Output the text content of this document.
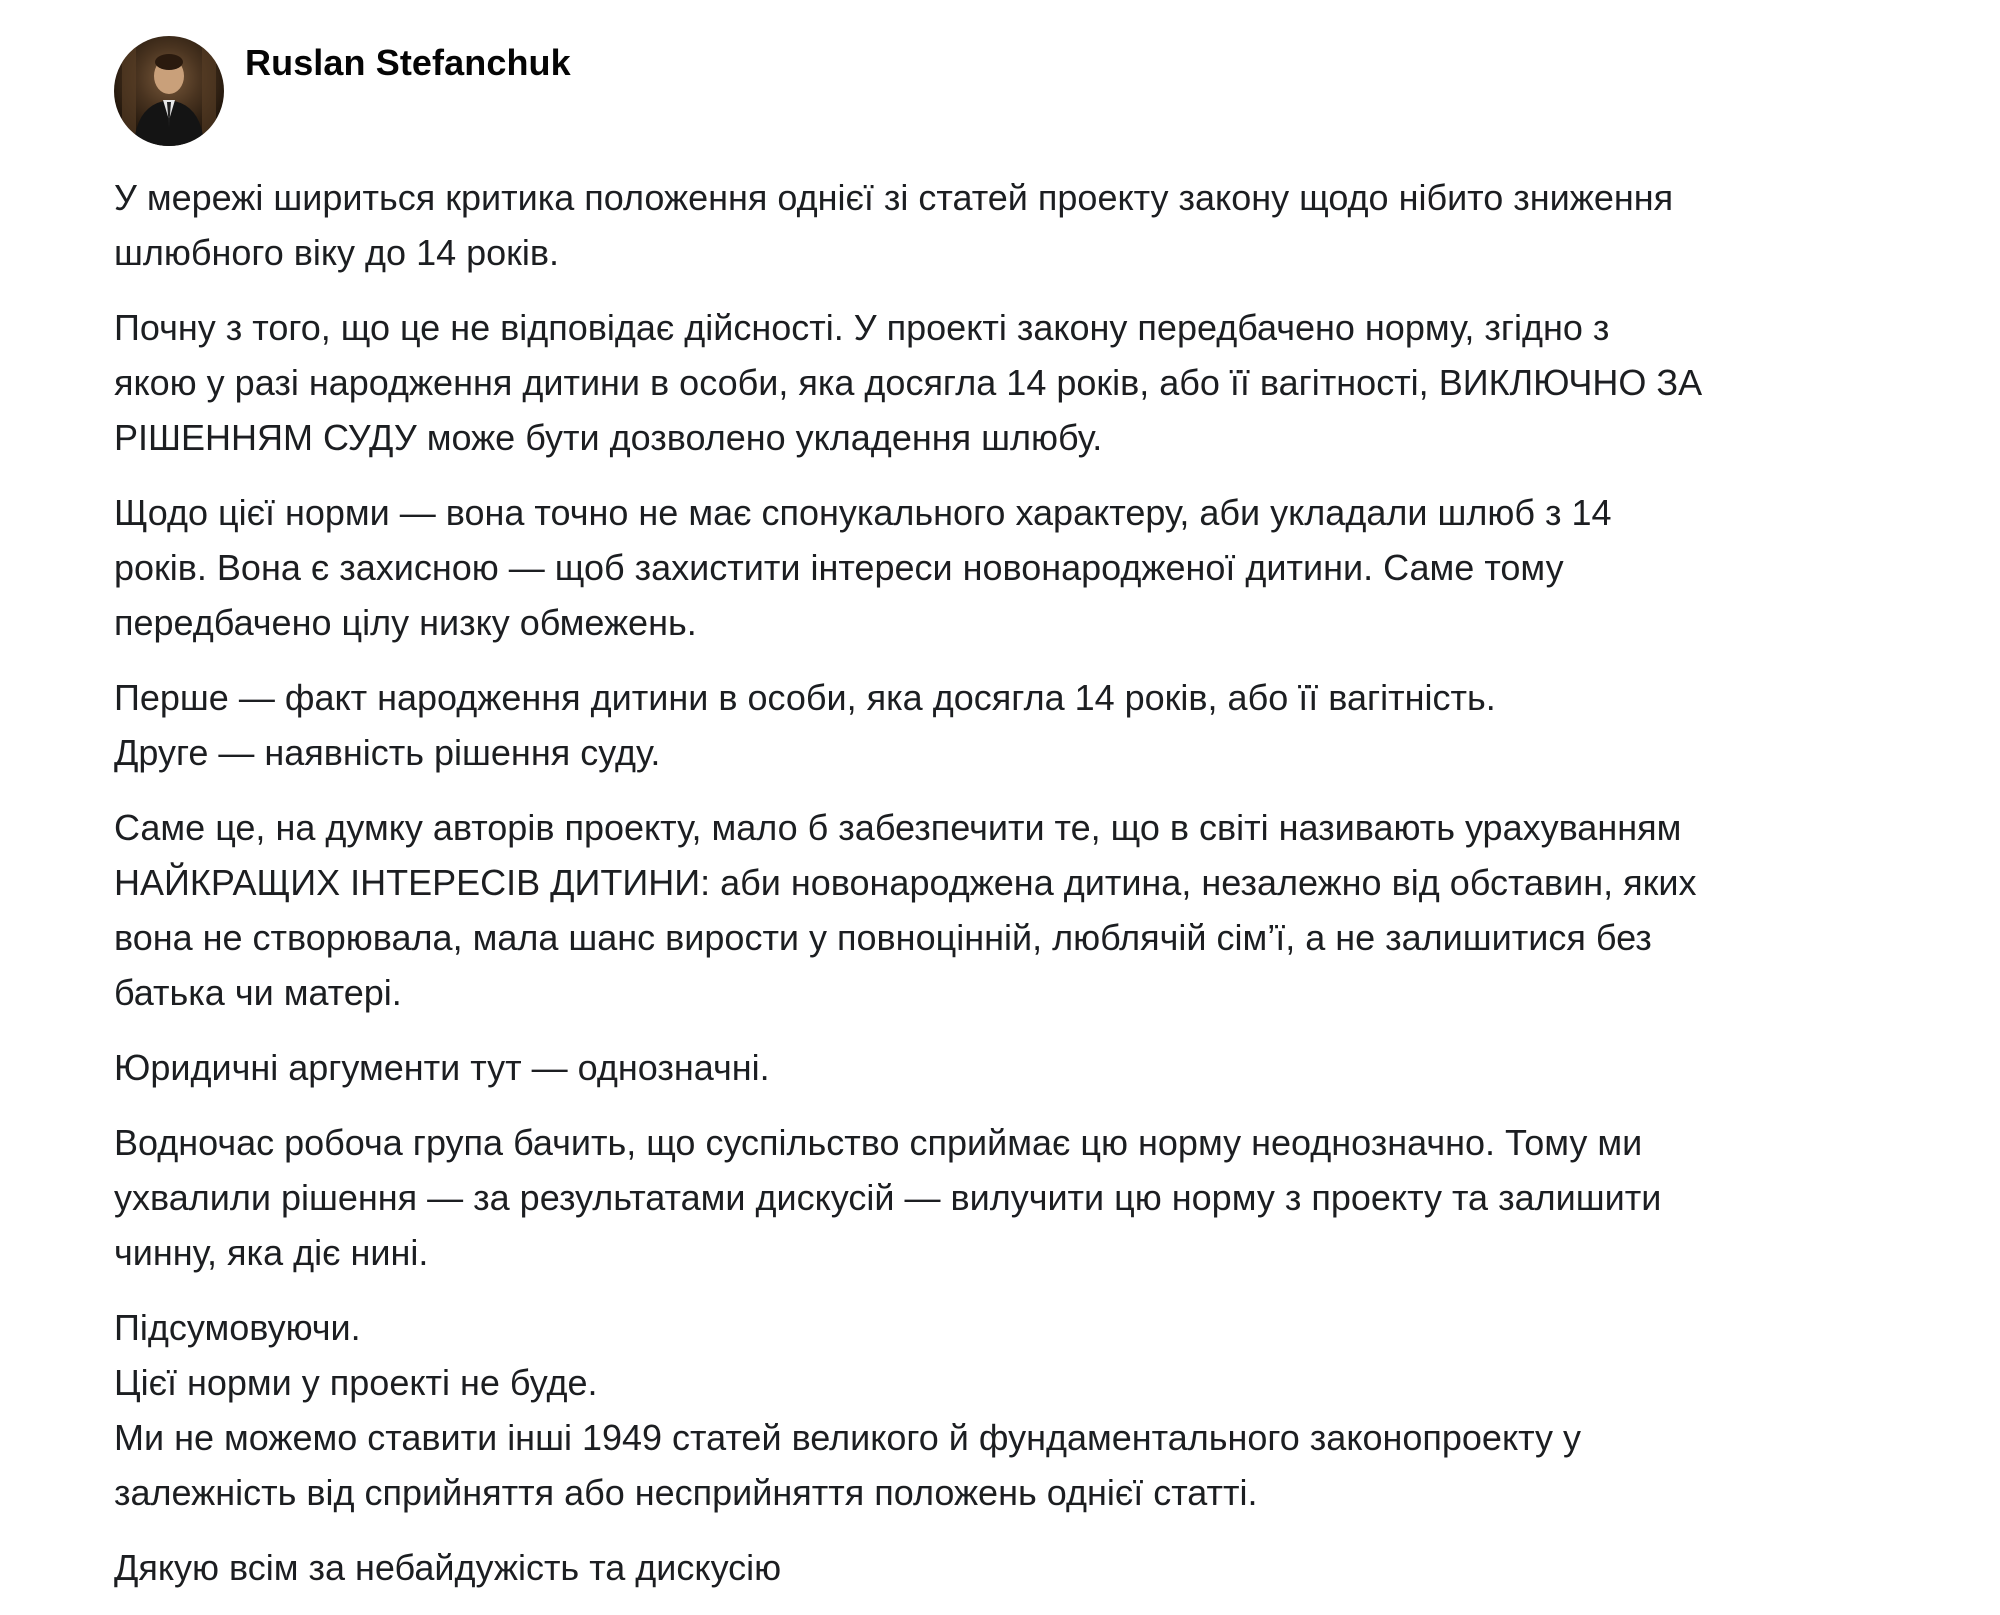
Ruslan Stefanchuk

У мережі шириться критика положення однієї зі статей проекту закону щодо нібито зниження
шлюбного віку до 14 років.

Почну з того, що це не відповідає дійсності. У проекті закону передбачено норму, згідно з
якою у разі народження дитини в особи, яка досягла 14 років, або її вагітності, ВИКЛЮЧНО ЗА
РІШЕННЯМ СУДУ може бути дозволено укладення шлюбу.

Щодо цієї норми — вона точно не має спонукального характеру, аби укладали шлюб з 14
років. Вона є захисною — щоб захистити інтереси новонародженої дитини. Саме тому
передбачено цілу низку обмежень.

Перше — факт народження дитини в особи, яка досягла 14 років, або її вагітність.
Друге — наявність рішення суду.

Саме це, на думку авторів проекту, мало б забезпечити те, що в світі називають урахуванням
НАЙКРАЩИХ ІНТЕРЕСІВ ДИТИНИ: аби новонароджена дитина, незалежно від обставин, яких
вона не створювала, мала шанс вирости у повноцінній, люблячій сім’ї, а не залишитися без
батька чи матері.

Юридичні аргументи тут — однозначні.

Водночас робоча група бачить, що суспільство сприймає цю норму неоднозначно. Тому ми
ухвалили рішення — за результатами дискусій — вилучити цю норму з проекту та залишити
чинну, яка діє нині.

Підсумовуючи.
Цієї норми у проекті не буде.
Ми не можемо ставити інші 1949 статей великого й фундаментального законопроекту у
залежність від сприйняття або несприйняття положень однієї статті.

Дякую всім за небайдужість та дискусію
